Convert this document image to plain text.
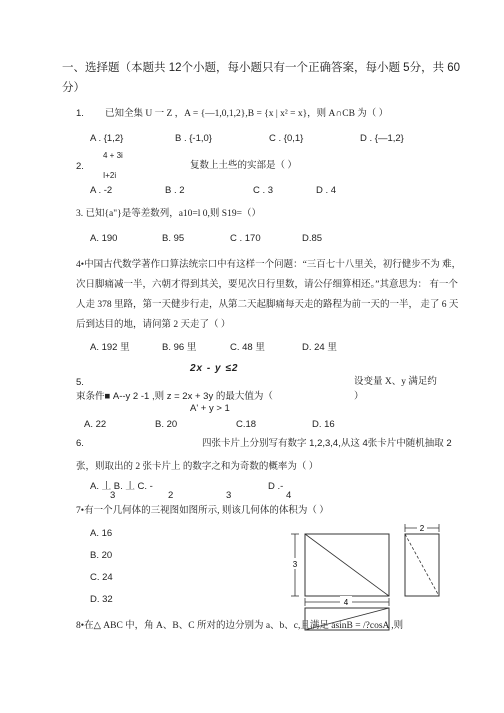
一、选择题（本题共 12个小题，每小题只有一个正确答案，每小题 5分，共 60
分）
1. 已知全集 U 一 Z ，A = {—1,0,1,2},B = {x | x² = x}，则 A∩CB 为（ ）
A . {1,2}	B . {-1,0}	C . {0,1}	D . {—1,2}
4 + 3i
2.	复数上土些的实部是（ ）
I+2i
A . -2	B . 2	C . 3	D . 4
3. 已知{a"}是等差数列，a10=l 0,则 S19=（）
A. 190	B. 95	C . 170	D.85
4•中国古代数学著作口算法统宗口中有这样一个问题：“三百七十八里关，初行健步不为 难，
次日脚痛减一半，六朝才得到其关，要见次日行里数，请公仔细算相还。”其意思为： 有一个
人走 378 里路，第一天健步行走，从第二天起脚痛每天走的路程为前一天的一半， 走了 6 天
后到达目的地，请问第 2 天走了（ ）
A. 192 里	B. 96 里	C. 48 里	D. 24 里
2x - y ≤2
5.	设变量 X、y 满足约
束条件■ A--y 2 -1 ,则 z = 2x + 3y 的最大值为（	）
A' + y > 1
A. 22	B. 20	C.18	D. 16
6.	四张卡片上分别写有数字 1,2,3,4,从这 4张卡片中随机抽取 2
张，则取出的 2 张卡片上 的数字之和为奇数的概率为（ ）
A. 丄 B. 丄 C. -	D .-
3	2	3	4
7•有一个几何体的三视图如图所示, 则该几何体的体积为（ ）
A. 16
B. 20
C. 24
D. 32
2
3
4
8•在△ ABC 中，角 A、B、C 所对的边分别为 a、b、c,且满足 asinB = /?cosA ,则
